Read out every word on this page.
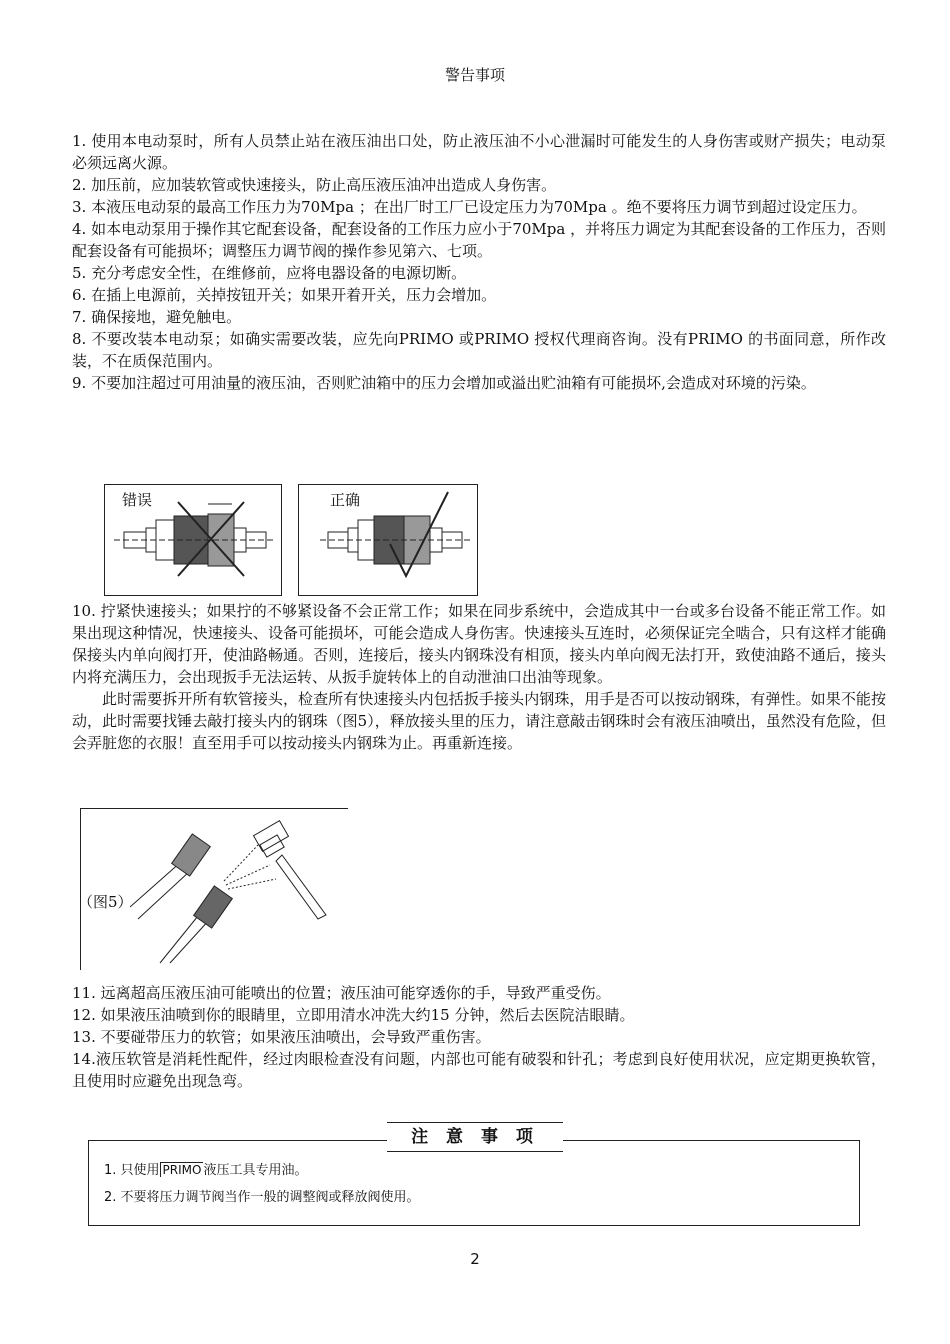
警告事项
1. 使用本电动泵时，所有人员禁止站在液压油出口处，防止液压油不小心泄漏时可能发生的人身伤害或财产损失；电动泵必须远离火源。
2. 加压前，应加装软管或快速接头，防止高压液压油冲出造成人身伤害。
3. 本液压电动泵的最高工作压力为70Mpa ；在出厂时工厂已设定压力为70Mpa 。绝不要将压力调节到超过设定压力。
4. 如本电动泵用于操作其它配套设备，配套设备的工作压力应小于70Mpa ，并将压力调定为其配套设备的工作压力，否则配套设备有可能损坏；调整压力调节阀的操作参见第六、七项。
5. 充分考虑安全性，在维修前，应将电器设备的电源切断。
6. 在插上电源前，关掉按钮开关；如果开着开关，压力会增加。
7. 确保接地，避免触电。
8. 不要改装本电动泵；如确实需要改装，应先向PRIMO 或PRIMO 授权代理商咨询。没有PRIMO 的书面同意，所作改装，不在质保范围内。
9. 不要加注超过可用油量的液压油，否则贮油箱中的压力会增加或溢出贮油箱有可能损坏,会造成对环境的污染。
错误	正确
10. 拧紧快速接头；如果拧的不够紧设备不会正常工作；如果在同步系统中，会造成其中一台或多台设备不能正常工作。如果出现这种情况，快速接头、设备可能损坏，可能会造成人身伤害。快速接头互连时，必须保证完全啮合，只有这样才能确保接头内单向阀打开，使油路畅通。否则，连接后，接头内钢珠没有相顶，接头内单向阀无法打开，致使油路不通后，接头内将充满压力，会出现扳手无法运转、从扳手旋转体上的自动泄油口出油等现象。
此时需要拆开所有软管接头，检查所有快速接头内包括扳手接头内钢珠，用手是否可以按动钢珠，有弹性。如果不能按动，此时需要找锤去敲打接头内的钢珠（图5），释放接头里的压力，请注意敲击钢珠时会有液压油喷出，虽然没有危险，但会弄脏您的衣服！直至用手可以按动接头内钢珠为止。再重新连接。
（图5）
11. 远离超高压液压油可能喷出的位置；液压油可能穿透你的手，导致严重受伤。
12. 如果液压油喷到你的眼睛里，立即用清水冲洗大约15 分钟，然后去医院洁眼睛。
13. 不要碰带压力的软管；如果液压油喷出，会导致严重伤害。
14.液压软管是消耗性配件，经过肉眼检查没有问题，内部也可能有破裂和针孔；考虑到良好使用状况，应定期更换软管，且使用时应避免出现急弯。
注 意 事 项
1. 只使用 PRIMO 液压工具专用油。
2. 不要将压力调节阀当作一般的调整阀或释放阀使用。
2
